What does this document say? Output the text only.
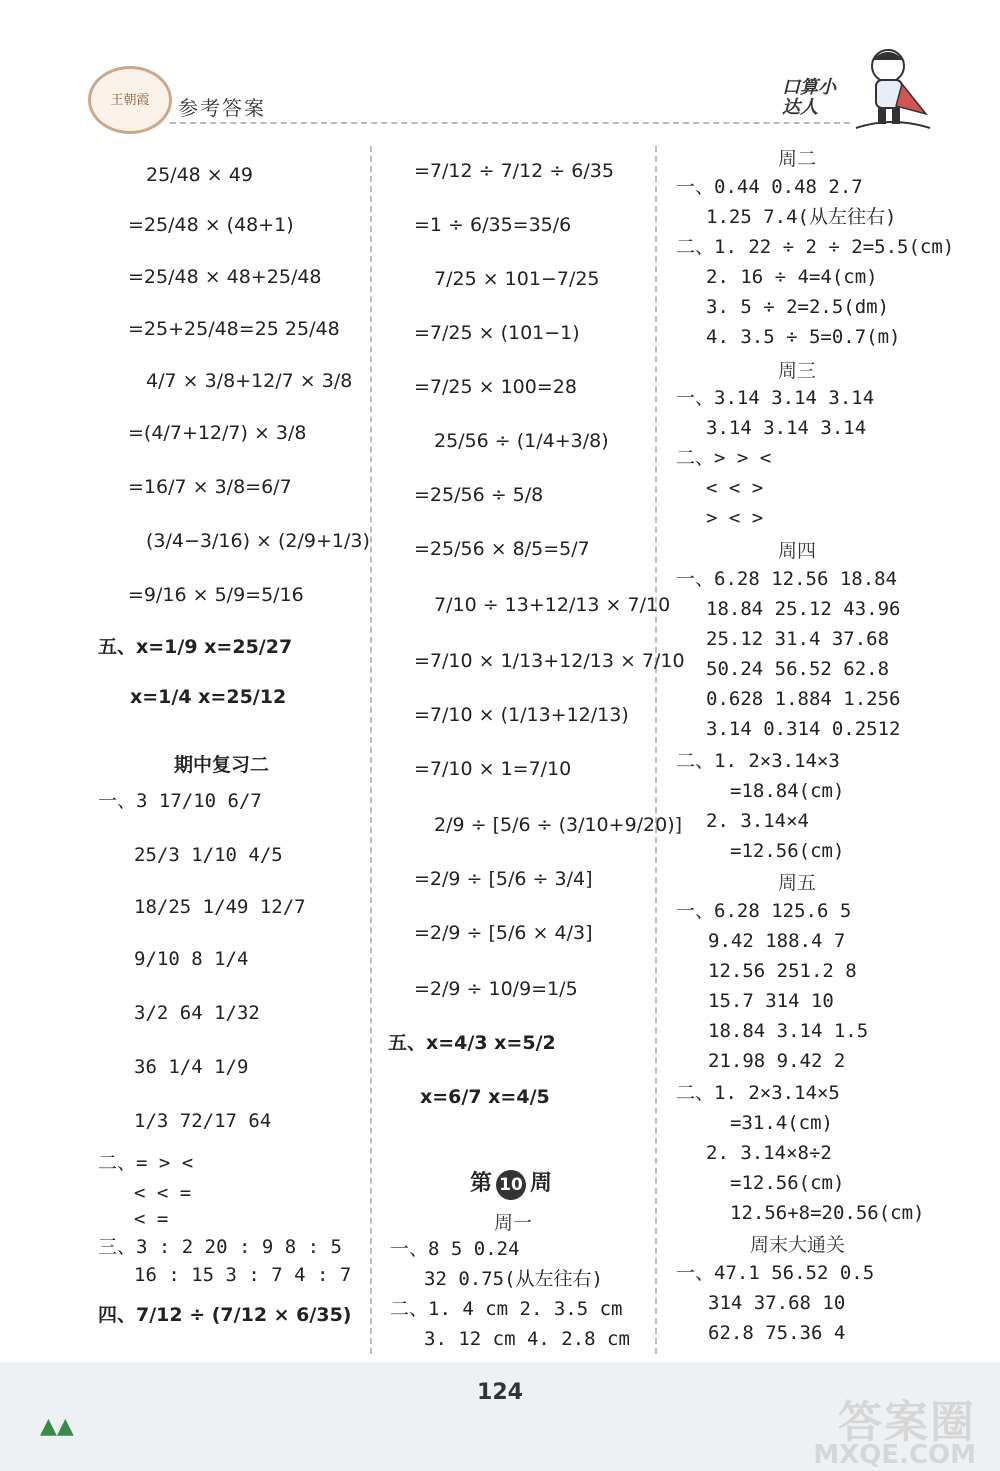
王朝霞	参考答案
口算小达人
25/48 × 49
=25/48 × (48+1)
=25/48 × 48+25/48
=25+25/48=25 25/48
4/7 × 3/8+12/7 × 3/8
=(4/7+12/7) × 3/8
=16/7 × 3/8=6/7
(3/4−3/16) × (2/9+1/3)
=9/16 × 5/9=5/16
五、x=1/9 x=25/27
x=1/4 x=25/12
期中复习二
一、3 17/10 6/7
25/3 1/10 4/5
18/25 1/49 12/7
9/10 8 1/4
3/2 64 1/32
36 1/4 1/9
1/3 72/17 64
二、= > <
< < =
< =
三、3 : 2 20 : 9 8 : 5
16 : 15 3 : 7 4 : 7
四、7/12 ÷ (7/12 × 6/35)
=7/12 ÷ 7/12 ÷ 6/35
=1 ÷ 6/35=35/6
7/25 × 101−7/25
=7/25 × (101−1)
=7/25 × 100=28
25/56 ÷ (1/4+3/8)
=25/56 ÷ 5/8
=25/56 × 8/5=5/7
7/10 ÷ 13+12/13 × 7/10
=7/10 × 1/13+12/13 × 7/10
=7/10 × (1/13+12/13)
=7/10 × 1=7/10
2/9 ÷ [5/6 ÷ (3/10+9/20)]
=2/9 ÷ [5/6 ÷ 3/4]
=2/9 ÷ [5/6 × 4/3]
=2/9 ÷ 10/9=1/5
五、x=4/3 x=5/2
x=6/7 x=4/5
第 10 周
周一
一、8 5 0.24
32 0.75(从左往右)
二、1. 4 cm 2. 3.5 cm
3. 12 cm 4. 2.8 cm
周二
一、0.44 0.48 2.7
1.25 7.4(从左往右)
二、1. 22 ÷ 2 ÷ 2=5.5(cm)
2. 16 ÷ 4=4(cm)
3. 5 ÷ 2=2.5(dm)
4. 3.5 ÷ 5=0.7(m)
周三
一、3.14 3.14 3.14
3.14 3.14 3.14
二、> > <
< < >
> < >
周四
一、6.28 12.56 18.84
18.84 25.12 43.96
25.12 31.4 37.68
50.24 56.52 62.8
0.628 1.884 1.256
3.14 0.314 0.2512
二、1. 2×3.14×3
=18.84(cm)
2. 3.14×4
=12.56(cm)
周五
一、6.28 125.6 5
9.42 188.4 7
12.56 251.2 8
15.7 314 10
18.84 3.14 1.5
21.98 9.42 2
二、1. 2×3.14×5
=31.4(cm)
2. 3.14×8÷2
=12.56(cm)
12.56+8=20.56(cm)
周末大通关
一、47.1 56.52 0.5
314 37.68 10
62.8 75.36 4
124
▲▲	答案圈
MXQE.COM
